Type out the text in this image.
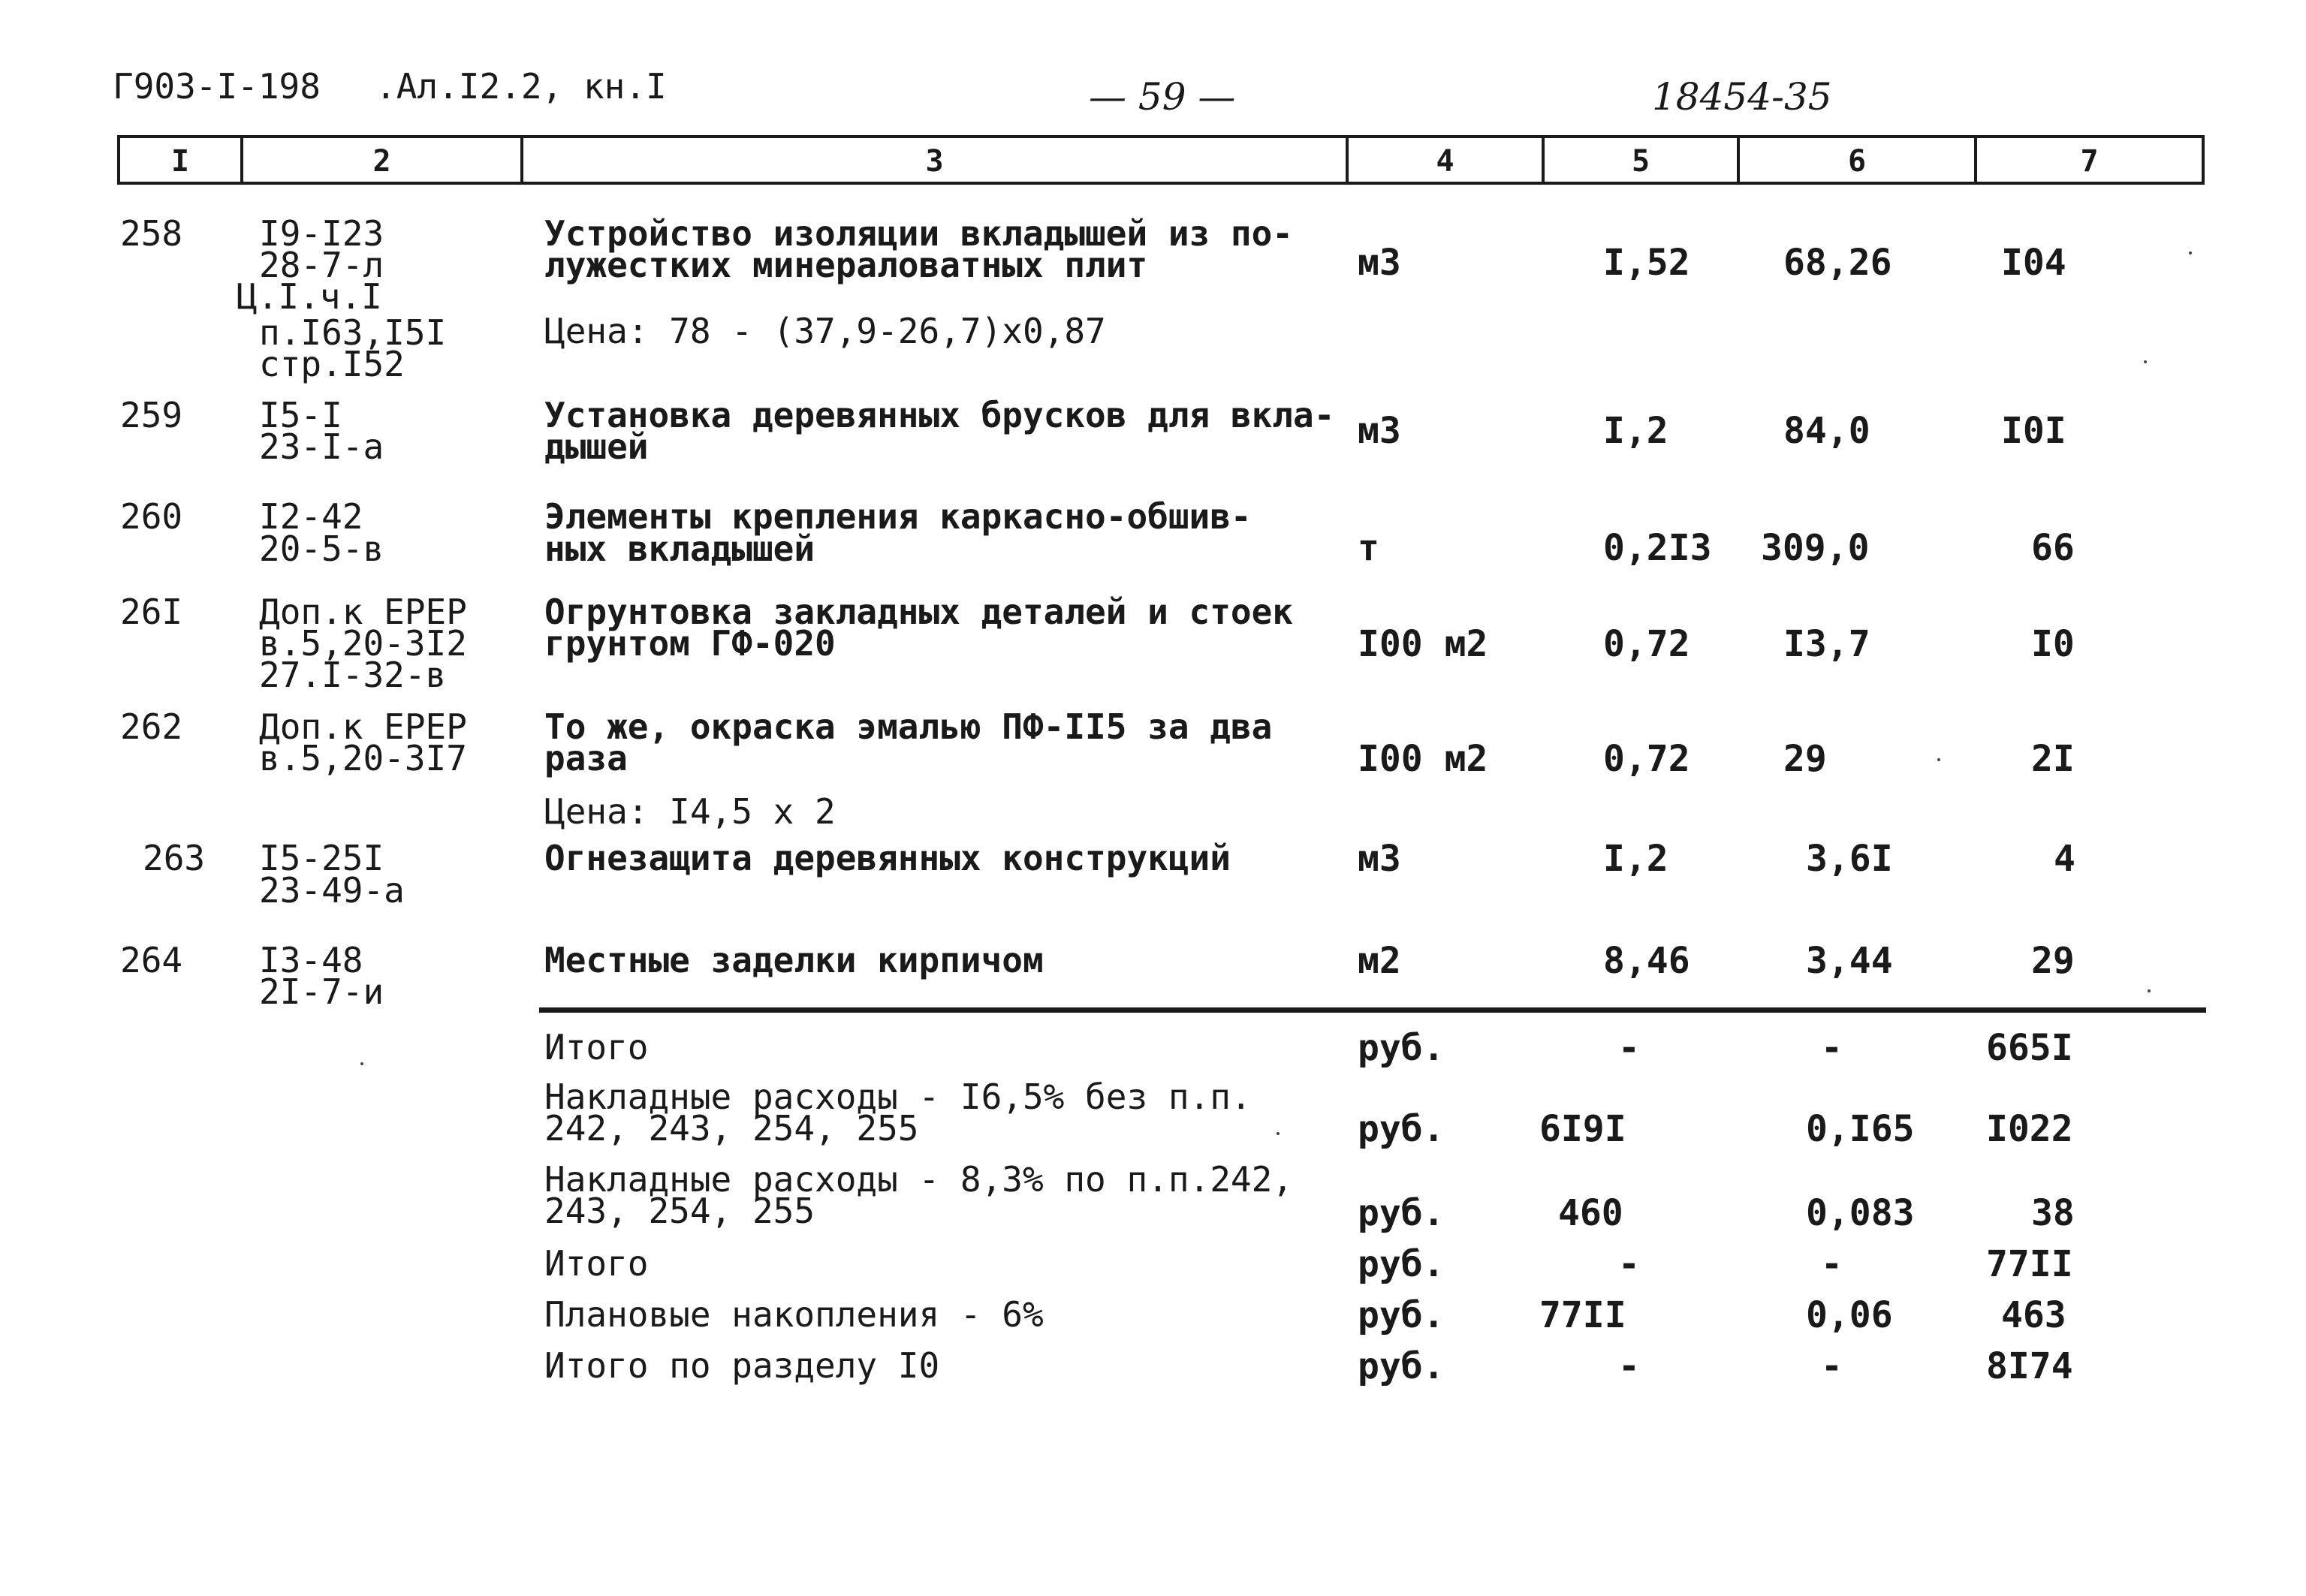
Г903-I-198 .Ал.I2.2, кн.I	— 59 —	18454-35
I	2	3	4	5	6	7
258 I9-I23
28-7-л
Ц.I.ч.I
п.I63,I5I
стр.I52
Устройство изоляции вкладышей из по-
лужестких минераловатных плит
Цена: 78 - (37,9-26,7)х0,87
м3	I,52	68,26	I04
259 I5-I
23-I-а
Установка деревянных брусков для вкла-
дышей	м3	I,2	84,0	I0I
260 I2-42
20-5-в
Элементы крепления каркасно-обшив-
ных вкладышей	т	0,2I3 309,0	66
26I Доп.к ЕРЕР
в.5,20-3I2
27.I-32-в
Огрунтовка закладных деталей и стоек
грунтом ГФ-020	I00 м2	0,72	I3,7	I0
262 Доп.к ЕРЕР
в.5,20-3I7
То же, окраска эмалью ПФ-II5 за два
раза
Цена: I4,5 х 2
I00 м2	0,72	29	2I
263 I5-25I
23-49-а
Огнезащита деревянных конструкций	м3	I,2	3,6I	4
264 I3-48
2I-7-и
Местные заделки кирпичом	м2	8,46	3,44	29
Итого	руб.	-	-	665I
Накладные расходы - I6,5% без п.п.
242, 243, 254, 255	руб.	6I9I	0,I65 I022
Накладные расходы - 8,3% по п.п.242,
243, 254, 255	руб.	460	0,083	38
Итого	руб.	-	-	77II
Плановые накопления - 6%	руб.	77II	0,06	463
Итого по разделу I0	руб.	-	-	8I74
